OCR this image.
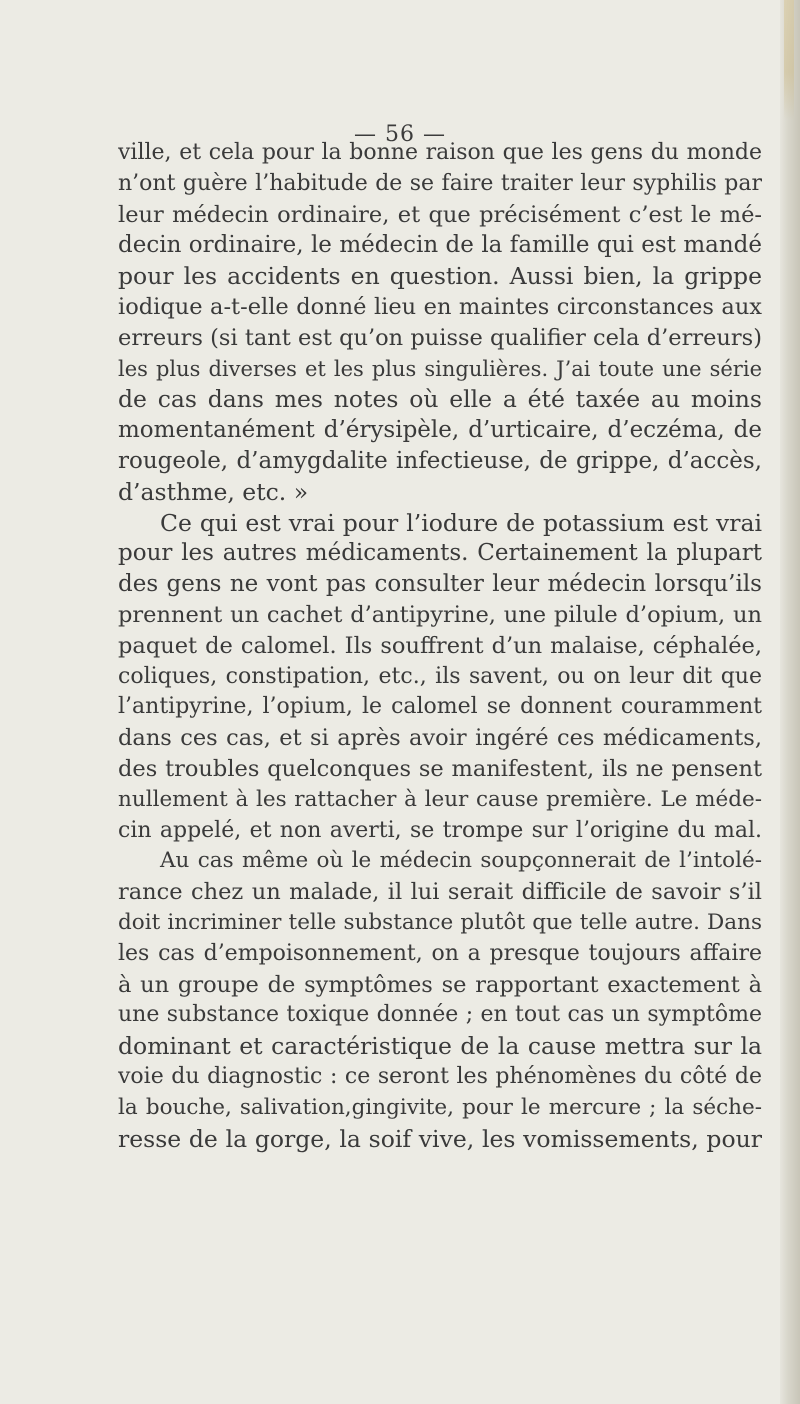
— 56 —

ville, et cela pour la bonne raison que les gens du monde
n’ont guère l’habitude de se faire traiter leur syphilis par
leur médecin ordinaire, et que précisément c’est le mé-
decin ordinaire, le médecin de la famille qui est mandé
pour les accidents en question. Aussi bien, la grippe
iodique a-t-elle donné lieu en maintes circonstances aux
erreurs (si tant est qu’on puisse qualifier cela d’erreurs)
les plus diverses et les plus singulières. J’ai toute une série
de cas dans mes notes où elle a été taxée au moins
momentanément d’érysipèle, d’urticaire, d’eczéma, de
rougeole, d’amygdalite infectieuse, de grippe, d’accès,
d’asthme, etc. »
Ce qui est vrai pour l’iodure de potassium est vrai
pour les autres médicaments. Certainement la plupart
des gens ne vont pas consulter leur médecin lorsqu’ils
prennent un cachet d’antipyrine, une pilule d’opium, un
paquet de calomel. Ils souffrent d’un malaise, céphalée,
coliques, constipation, etc., ils savent, ou on leur dit que
l’antipyrine, l’opium, le calomel se donnent couramment
dans ces cas, et si après avoir ingéré ces médicaments,
des troubles quelconques se manifestent, ils ne pensent
nullement à les rattacher à leur cause première. Le méde-
cin appelé, et non averti, se trompe sur l’origine du mal.
Au cas même où le médecin soupçonnerait de l’intolé-
rance chez un malade, il lui serait difficile de savoir s’il
doit incriminer telle substance plutôt que telle autre. Dans
les cas d’empoisonnement, on a presque toujours affaire
à un groupe de symptômes se rapportant exactement à
une substance toxique donnée ; en tout cas un symptôme
dominant et caractéristique de la cause mettra sur la
voie du diagnostic : ce seront les phénomènes du côté de
la bouche, salivation,gingivite, pour le mercure ; la séche-
resse de la gorge, la soif vive, les vomissements, pour
